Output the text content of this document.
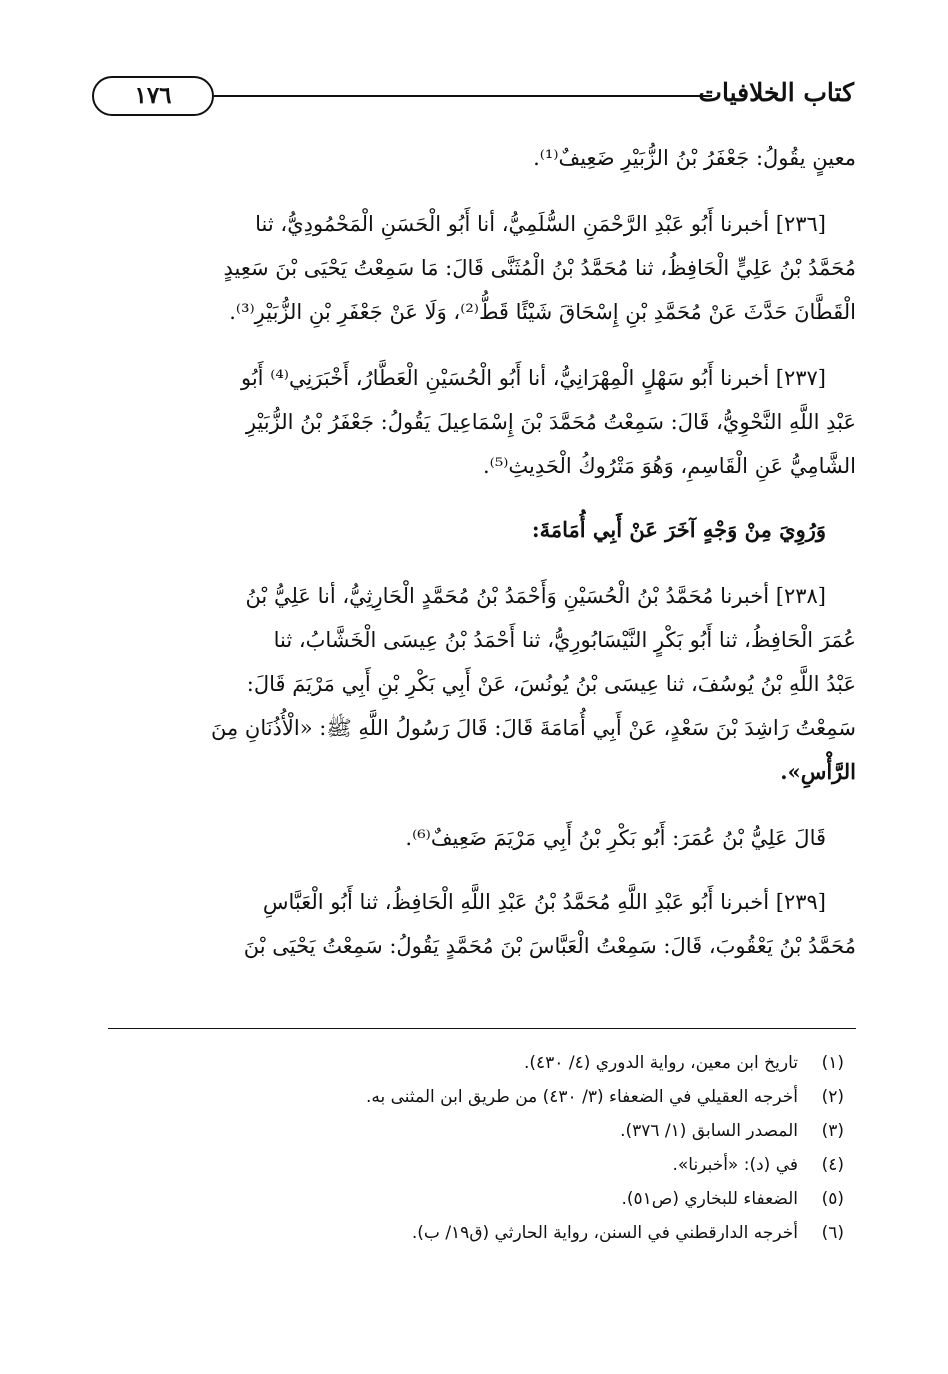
كتاب الخلافيات
١٧٦
معينٍ يقُولُ: جَعْفَرُ بْنُ الزُّبَيْرِ ضَعِيفٌ⁽¹⁾.
[٢٣٦] أخبرنا أَبُو عَبْدِ الرَّحْمَنِ السُّلَمِيُّ، أنا أَبُو الْحَسَنِ الْمَحْمُودِيُّ، ثنا
مُحَمَّدُ بْنُ عَلِيٍّ الْحَافِظُ، ثنا مُحَمَّدُ بْنُ الْمُثَنَّى قَالَ: مَا سَمِعْتُ يَحْيَى بْنَ سَعِيدٍ
الْقَطَّانَ حَدَّثَ عَنْ مُحَمَّدِ بْنِ إِسْحَاقَ شَيْئًا قَطُّ⁽²⁾، وَلَا عَنْ جَعْفَرِ بْنِ الزُّبَيْرِ⁽³⁾.
[٢٣٧] أخبرنا أَبُو سَهْلٍ الْمِهْرَانِيُّ، أنا أَبُو الْحُسَيْنِ الْعَطَّارُ، أَخْبَرَنِي⁽⁴⁾ أَبُو
عَبْدِ اللَّهِ النَّحْوِيُّ، قَالَ: سَمِعْتُ مُحَمَّدَ بْنَ إِسْمَاعِيلَ يَقُولُ: جَعْفَرُ بْنُ الزُّبَيْرِ
الشَّامِيُّ عَنِ الْقَاسِمِ، وَهُوَ مَتْرُوكُ الْحَدِيثِ⁽⁵⁾.
وَرُوِيَ مِنْ وَجْهٍ آخَرَ عَنْ أَبِي أُمَامَةَ:
[٢٣٨] أخبرنا مُحَمَّدُ بْنُ الْحُسَيْنِ وَأَحْمَدُ بْنُ مُحَمَّدٍ الْحَارِثِيُّ، أنا عَلِيُّ بْنُ
عُمَرَ الْحَافِظُ، ثنا أَبُو بَكْرٍ النَّيْسَابُورِيُّ، ثنا أَحْمَدُ بْنُ عِيسَى الْخَشَّابُ، ثنا
عَبْدُ اللَّهِ بْنُ يُوسُفَ، ثنا عِيسَى بْنُ يُونُسَ، عَنْ أَبِي بَكْرِ بْنِ أَبِي مَرْيَمَ قَالَ:
سَمِعْتُ رَاشِدَ بْنَ سَعْدٍ، عَنْ أَبِي أُمَامَةَ قَالَ: قَالَ رَسُولُ اللَّهِ ﷺ: «الْأُذُنَانِ مِنَ
الرَّأْسِ».
قَالَ عَلِيُّ بْنُ عُمَرَ: أَبُو بَكْرِ بْنُ أَبِي مَرْيَمَ ضَعِيفٌ⁽⁶⁾.
[٢٣٩] أخبرنا أَبُو عَبْدِ اللَّهِ مُحَمَّدُ بْنُ عَبْدِ اللَّهِ الْحَافِظُ، ثنا أَبُو الْعَبَّاسِ
مُحَمَّدُ بْنُ يَعْقُوبَ، قَالَ: سَمِعْتُ الْعَبَّاسَ بْنَ مُحَمَّدٍ يَقُولُ: سَمِعْتُ يَحْيَى بْنَ
(١)
تاريخ ابن معين، رواية الدوري (٤/ ٤٣٠).
(٢)
أخرجه العقيلي في الضعفاء (٣/ ٤٣٠) من طريق ابن المثنى به.
(٣)
المصدر السابق (١/ ٣٧٦).
(٤)
في (د): «أخبرنا».
(٥)
الضعفاء للبخاري (ص٥١).
(٦)
أخرجه الدارقطني في السنن، رواية الحارثي (ق١٩/ ب).
